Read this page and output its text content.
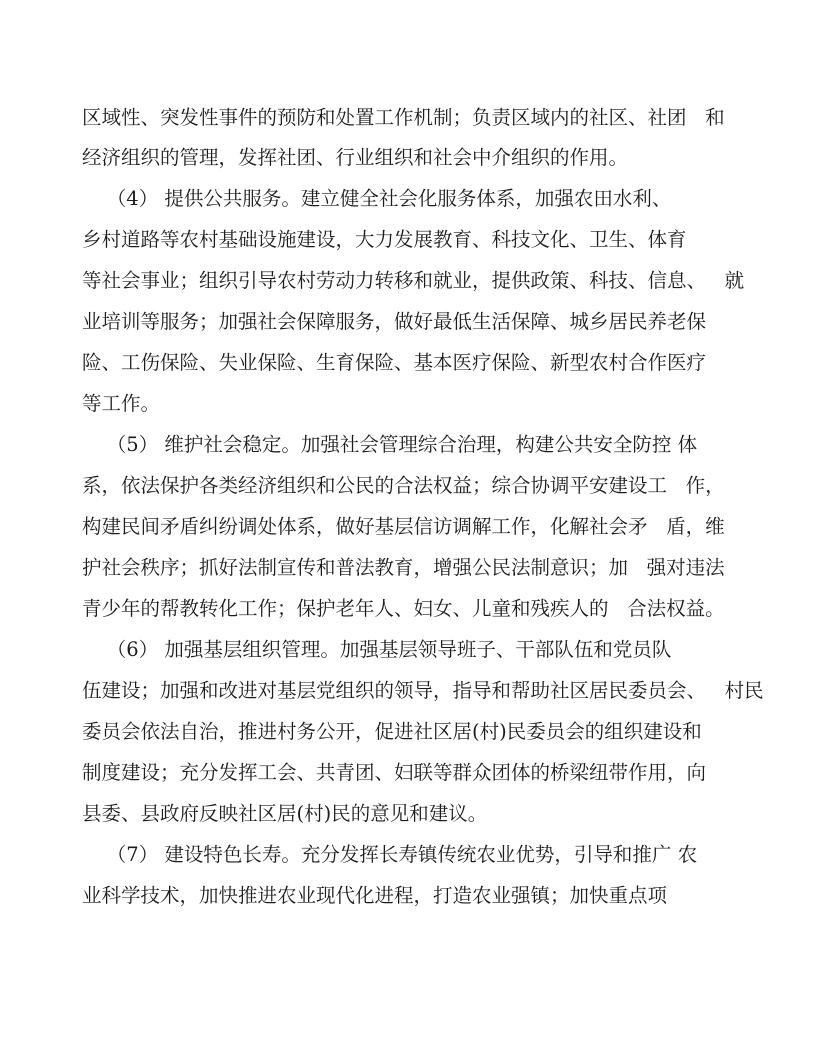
区域性、突发性事件的预防和处置工作机制；负责区域内的社区、社团   和

经济组织的管理，发挥社团、行业组织和社会中介组织的作用。

（4） 提供公共服务。建立健全社会化服务体系，加强农田水利、

乡村道路等农村基础设施建设，大力发展教育、科技文化、卫生、体育

等社会事业；组织引导农村劳动力转移和就业，提供政策、科技、信息、   就

业培训等服务；加强社会保障服务，做好最低生活保障、城乡居民养老保

险、工伤保险、失业保险、生育保险、基本医疗保险、新型农村合作医疗

等工作。

（5） 维护社会稳定。加强社会管理综合治理，构建公共安全防控 体

系，依法保护各类经济组织和公民的合法权益；综合协调平安建设工   作，

构建民间矛盾纠纷调处体系，做好基层信访调解工作，化解社会矛   盾，维

护社会秩序；抓好法制宣传和普法教育，增强公民法制意识；加   强对违法

青少年的帮教转化工作；保护老年人、妇女、儿童和残疾人的   合法权益。

（6） 加强基层组织管理。加强基层领导班子、干部队伍和党员队

伍建设；加强和改进对基层党组织的领导，指导和帮助社区居民委员会、   村民

委员会依法自治，推进村务公开，促进社区居(村)民委员会的组织建设和

制度建设；充分发挥工会、共青团、妇联等群众团体的桥梁纽带作用，向

县委、县政府反映社区居(村)民的意见和建议。

（7） 建设特色长寿。充分发挥长寿镇传统农业优势，引导和推广 农

业科学技术，加快推进农业现代化进程，打造农业强镇；加快重点项
